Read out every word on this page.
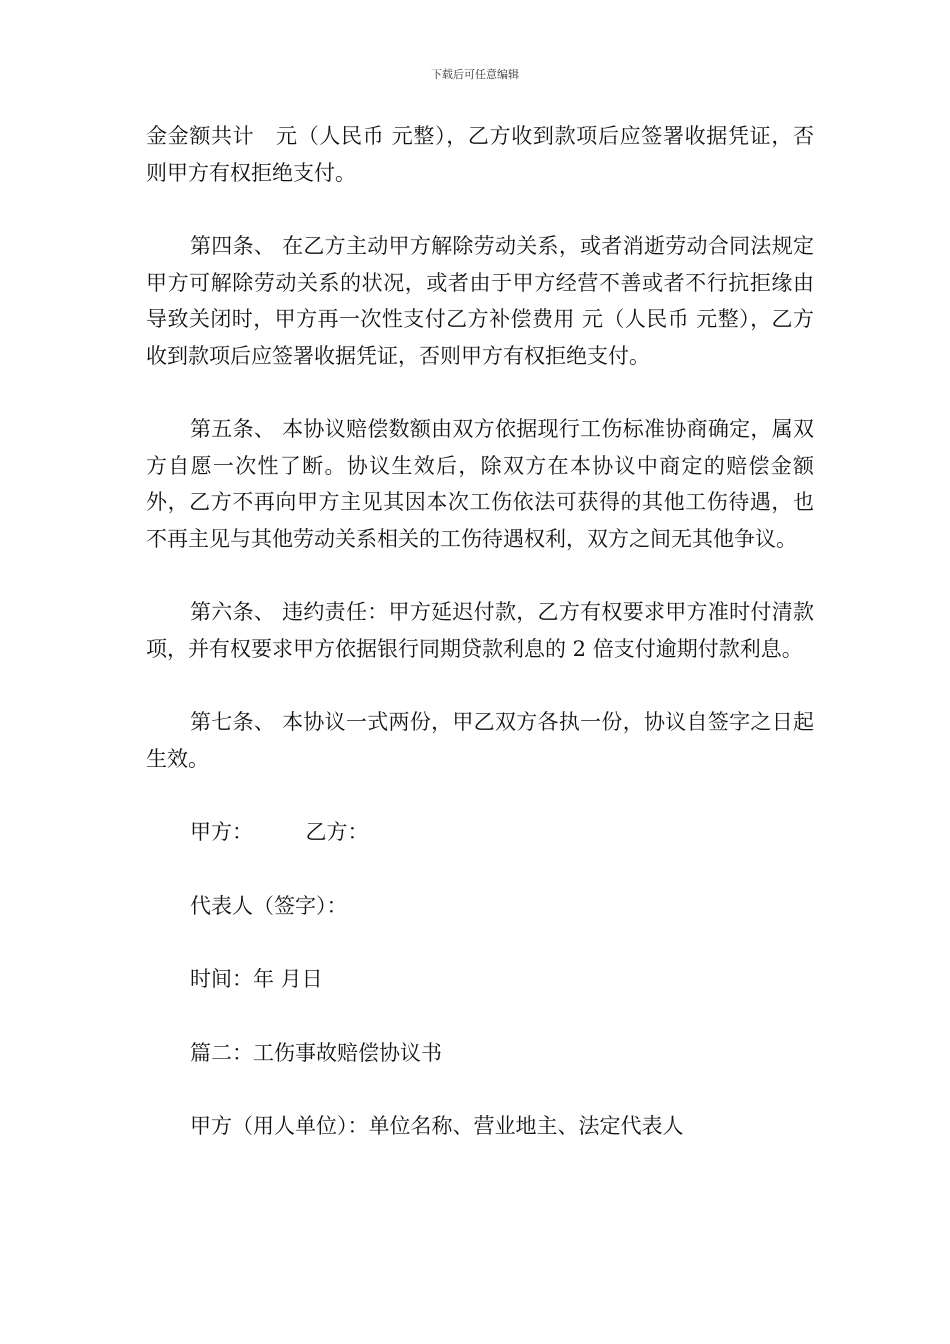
下载后可任意编辑

金金额共计　元（人民币 元整），乙方收到款项后应签署收据凭证，否则甲方有权拒绝支付。

第四条、 在乙方主动甲方解除劳动关系，或者消逝劳动合同法规定甲方可解除劳动关系的状况，或者由于甲方经营不善或者不行抗拒缘由导致关闭时，甲方再一次性支付乙方补偿费用 元（人民币 元整），乙方收到款项后应签署收据凭证，否则甲方有权拒绝支付。

第五条、 本协议赔偿数额由双方依据现行工伤标准协商确定，属双方自愿一次性了断。协议生效后，除双方在本协议中商定的赔偿金额外，乙方不再向甲方主见其因本次工伤依法可获得的其他工伤待遇，也不再主见与其他劳动关系相关的工伤待遇权利，双方之间无其他争议。

第六条、 违约责任：甲方延迟付款，乙方有权要求甲方准时付清款项，并有权要求甲方依据银行同期贷款利息的 2 倍支付逾期付款利息。

第七条、 本协议一式两份，甲乙双方各执一份，协议自签字之日起生效。

甲方：　　　乙方：

代表人（签字）：

时间：年 月日

篇二：工伤事故赔偿协议书

甲方（用人单位）：单位名称、营业地主、法定代表人
